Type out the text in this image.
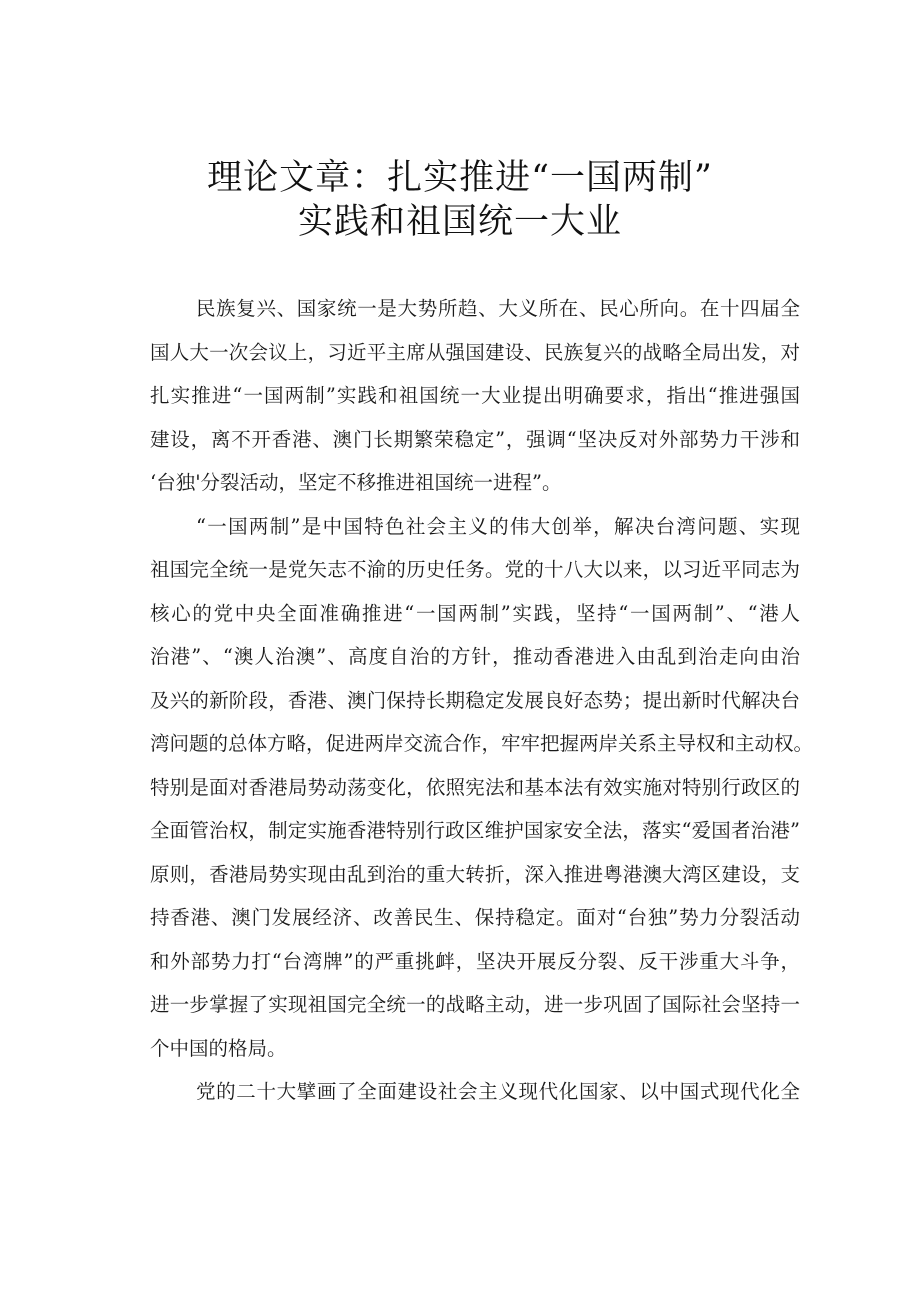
理论文章：扎实推进“一国两制”
实践和祖国统一大业
民族复兴、国家统一是大势所趋、大义所在、民心所向。在十四届全
国人大一次会议上，习近平主席从强国建设、民族复兴的战略全局出发，对
扎实推进“一国两制”实践和祖国统一大业提出明确要求，指出“推进强国
建设，离不开香港、澳门长期繁荣稳定”，强调“坚决反对外部势力干涉和
‘台独'分裂活动，坚定不移推进祖国统一进程”。
“一国两制”是中国特色社会主义的伟大创举，解决台湾问题、实现
祖国完全统一是党矢志不渝的历史任务。党的十八大以来，以习近平同志为
核心的党中央全面准确推进“一国两制”实践，坚持“一国两制”、“港人
治港”、“澳人治澳”、高度自治的方针，推动香港进入由乱到治走向由治
及兴的新阶段，香港、澳门保持长期稳定发展良好态势；提出新时代解决台
湾问题的总体方略，促进两岸交流合作，牢牢把握两岸关系主导权和主动权。
特别是面对香港局势动荡变化，依照宪法和基本法有效实施对特别行政区的
全面管治权，制定实施香港特别行政区维护国家安全法，落实“爱国者治港”
原则，香港局势实现由乱到治的重大转折，深入推进粤港澳大湾区建设，支
持香港、澳门发展经济、改善民生、保持稳定。面对“台独”势力分裂活动
和外部势力打“台湾牌”的严重挑衅，坚决开展反分裂、反干涉重大斗争，
进一步掌握了实现祖国完全统一的战略主动，进一步巩固了国际社会坚持一
个中国的格局。
党的二十大擘画了全面建设社会主义现代化国家、以中国式现代化全
